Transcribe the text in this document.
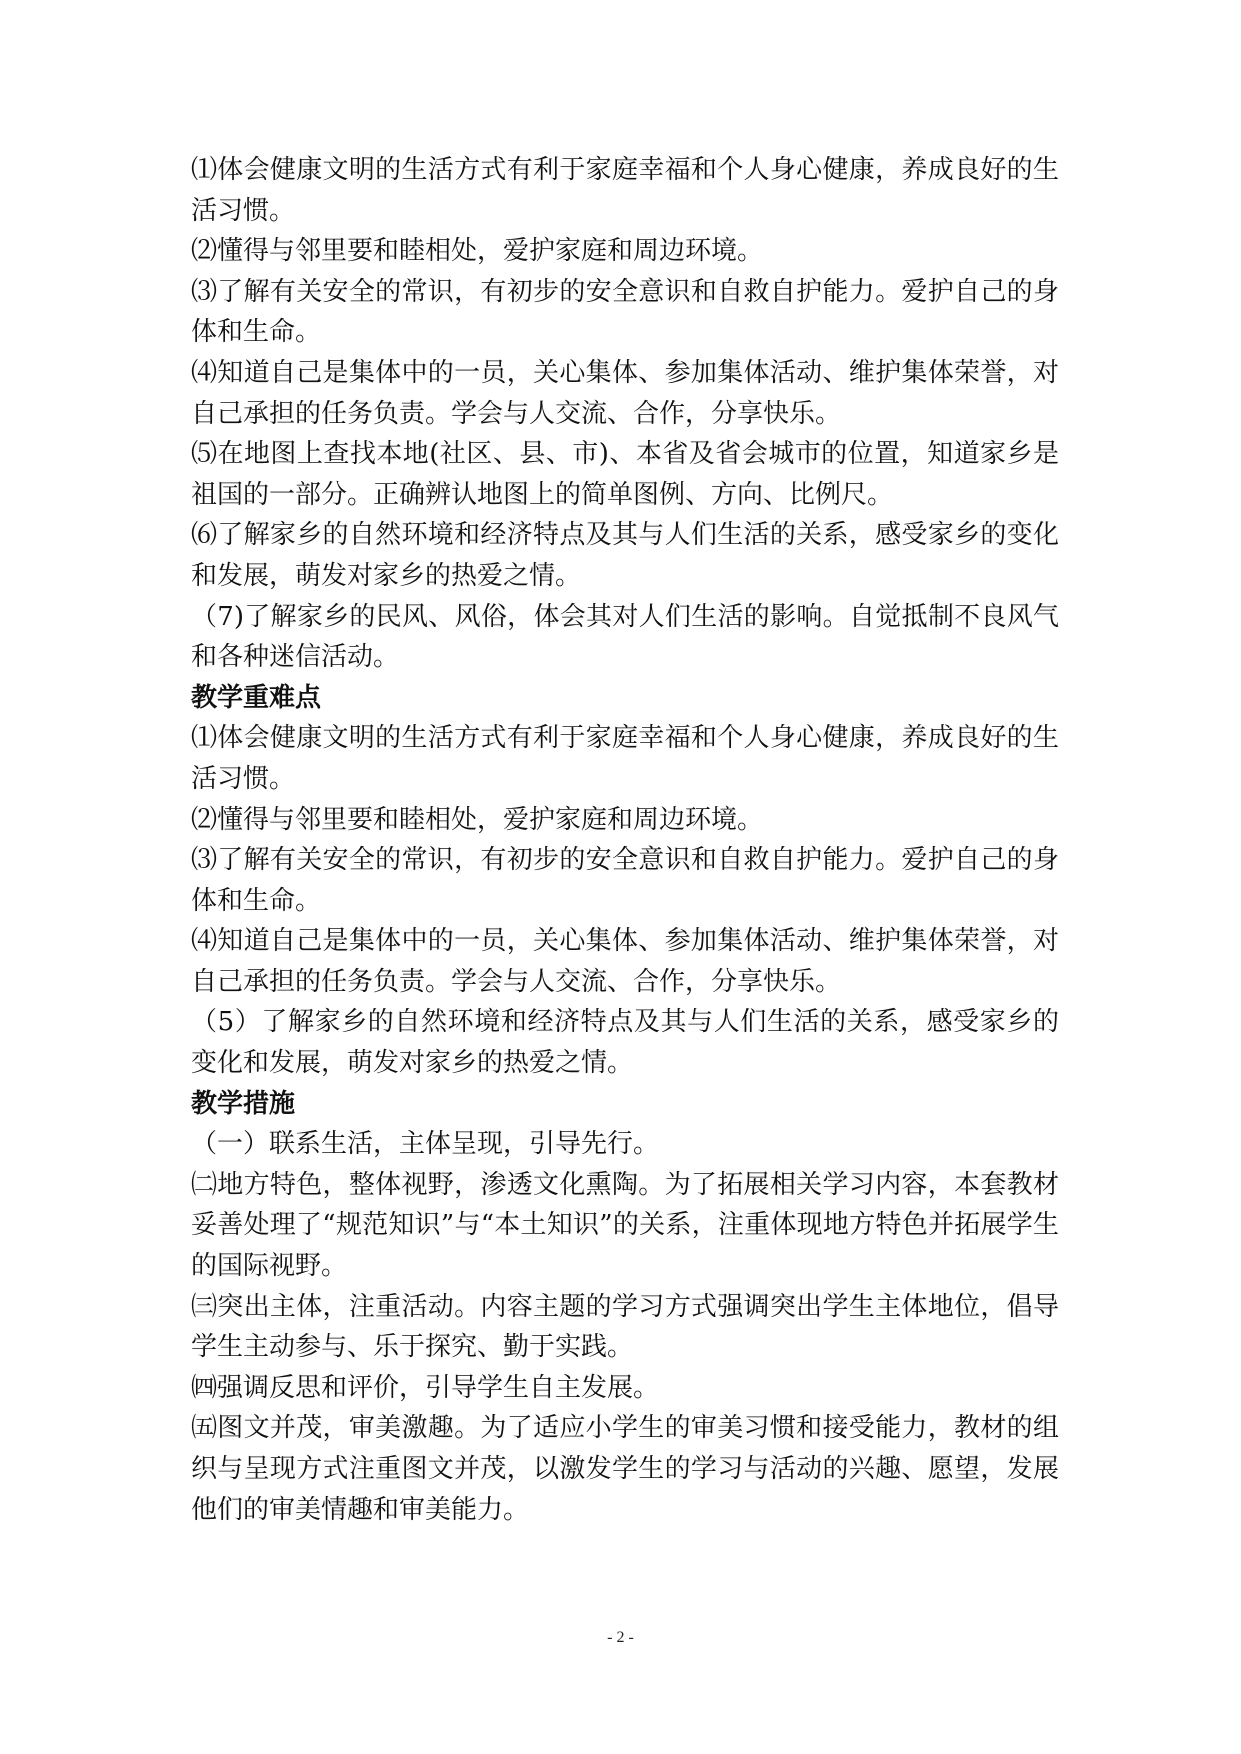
⑴体会健康文明的生活方式有利于家庭幸福和个人身心健康，养成良好的生活习惯。

⑵懂得与邻里要和睦相处，爱护家庭和周边环境。

⑶了解有关安全的常识，有初步的安全意识和自救自护能力。爱护自己的身体和生命。

⑷知道自己是集体中的一员，关心集体、参加集体活动、维护集体荣誉，对自己承担的任务负责。学会与人交流、合作，分享快乐。

⑸在地图上查找本地(社区、县、市)、本省及省会城市的位置，知道家乡是祖国的一部分。正确辨认地图上的简单图例、方向、比例尺。

⑹了解家乡的自然环境和经济特点及其与人们生活的关系，感受家乡的变化和发展，萌发对家乡的热爱之情。

（7)了解家乡的民风、风俗，体会其对人们生活的影响。自觉抵制不良风气　和各种迷信活动。

教学重难点

⑴体会健康文明的生活方式有利于家庭幸福和个人身心健康，养成良好的生活习惯。

⑵懂得与邻里要和睦相处，爱护家庭和周边环境。

⑶了解有关安全的常识，有初步的安全意识和自救自护能力。爱护自己的身体和生命。

⑷知道自己是集体中的一员，关心集体、参加集体活动、维护集体荣誉，对自己承担的任务负责。学会与人交流、合作，分享快乐。

（5）了解家乡的自然环境和经济特点及其与人们生活的关系，感受家乡的变化和发展，萌发对家乡的热爱之情。

教学措施

（一）联系生活，主体呈现，引导先行。

㈡地方特色，整体视野，渗透文化熏陶。为了拓展相关学习内容，本套教材妥善处理了“规范知识”与“本土知识”的关系，注重体现地方特色并拓展学生的国际视野。

㈢突出主体，注重活动。内容主题的学习方式强调突出学生主体地位，倡导学生主动参与、乐于探究、勤于实践。

㈣强调反思和评价，引导学生自主发展。

㈤图文并茂，审美激趣。为了适应小学生的审美习惯和接受能力，教材的组织与呈现方式注重图文并茂，以激发学生的学习与活动的兴趣、愿望，发展他们的审美情趣和审美能力。

- 2 -
